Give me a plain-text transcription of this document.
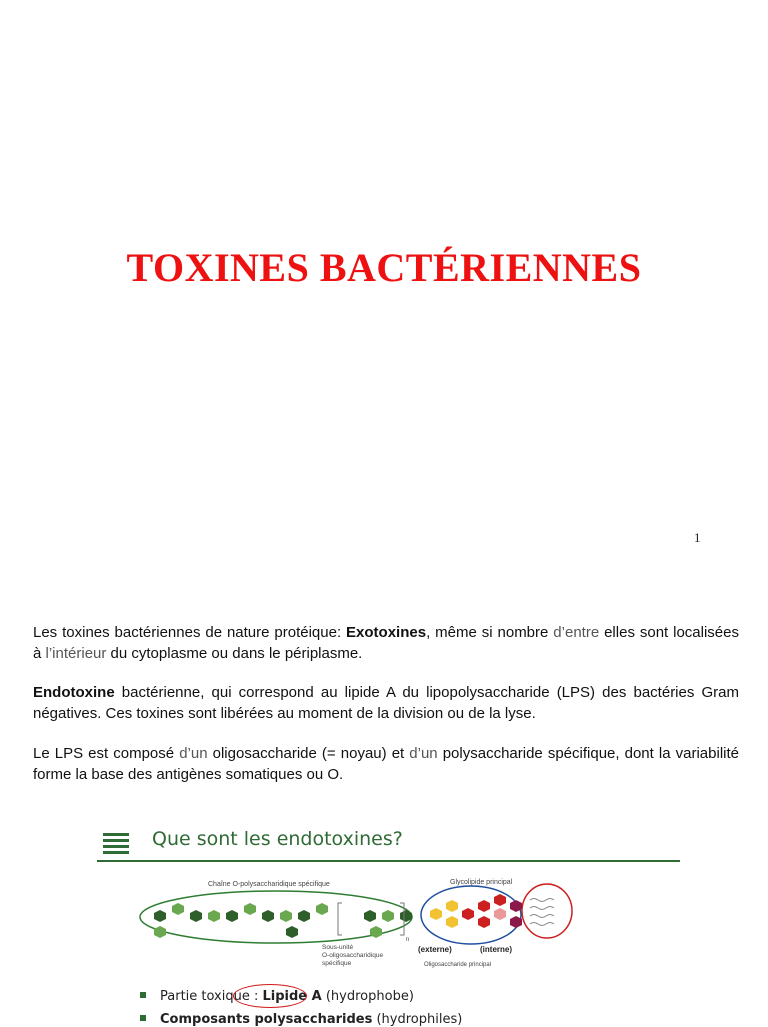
TOXINES BACTÉRIENNES
1

Les toxines bactériennes de nature protéique: Exotoxines, même si nombre d’entre elles sont localisées à l’intérieur du cytoplasme ou dans le périplasme.

Endotoxine bactérienne, qui correspond au lipide A du lipopolysaccharide (LPS) des bactéries Gram négatives. Ces toxines sont libérées au moment de la division ou de la lyse.

Le LPS est composé d’un oligosaccharide (= noyau) et d’un polysaccharide spécifique, dont la variabilité forme la base des antigènes somatiques ou O.

Que sont les endotoxines?
Chaîne O-polysaccharidique spécifique	Glycolipide principal
n
Sous-unité
O-oligosaccharidique
spécifique
(externe)	(interne)
Oligosaccharide principal
Partie toxique : Lipide A (hydrophobe)
Composants polysaccharides (hydrophiles)
